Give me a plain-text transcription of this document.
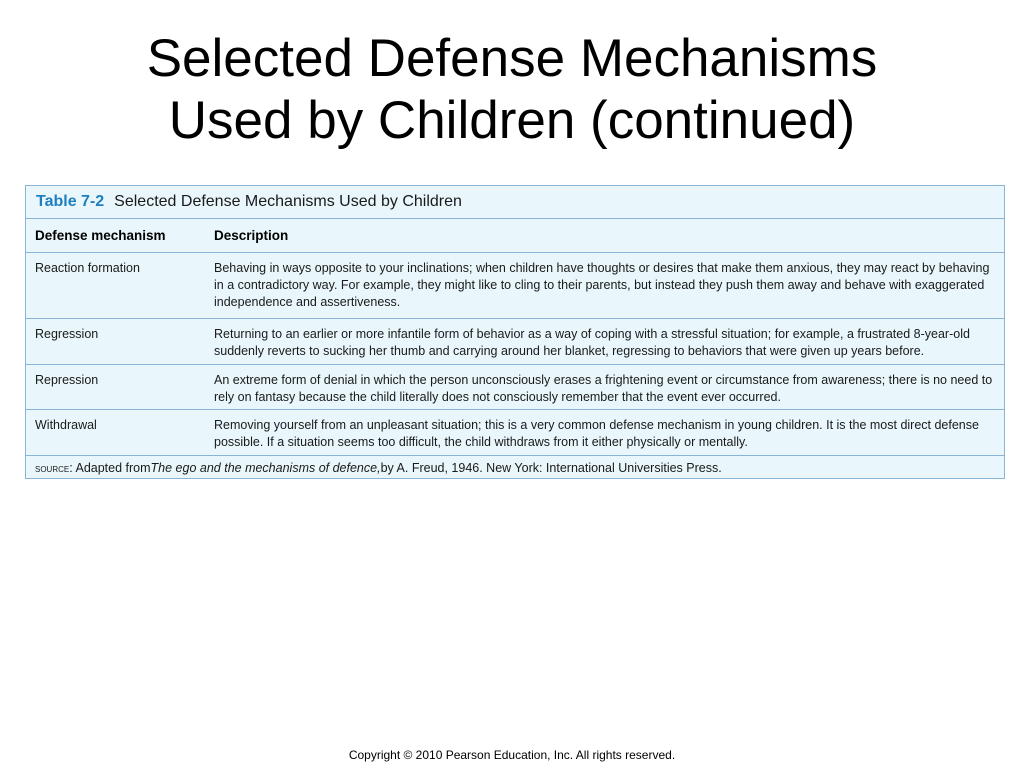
Selected Defense Mechanisms
Used by Children (continued)
Table 7-2 Selected Defense Mechanisms Used by Children
Defense mechanism	Description
Reaction formation	Behaving in ways opposite to your inclinations; when children have thoughts or desires that make them anxious, they may react by behaving in a contradictory way. For example, they might like to cling to their parents, but instead they push them away and behave with exaggerated independence and assertiveness.
Regression	Returning to an earlier or more infantile form of behavior as a way of coping with a stressful situation; for example, a frustrated 8-year-old suddenly reverts to sucking her thumb and carrying around her blanket, regressing to behaviors that were given up years before.
Repression	An extreme form of denial in which the person unconsciously erases a frightening event or circumstance from awareness; there is no need to rely on fantasy because the child literally does not consciously remember that the event ever occurred.
Withdrawal	Removing yourself from an unpleasant situation; this is a very common defense mechanism in young children. It is the most direct defense possible. If a situation seems too difficult, the child withdraws from it either physically or mentally.
source : Adapted from The ego and the mechanisms of defence, by A. Freud, 1946. New York: International Universities Press.
Copyright © 2010 Pearson Education, Inc. All rights reserved.
